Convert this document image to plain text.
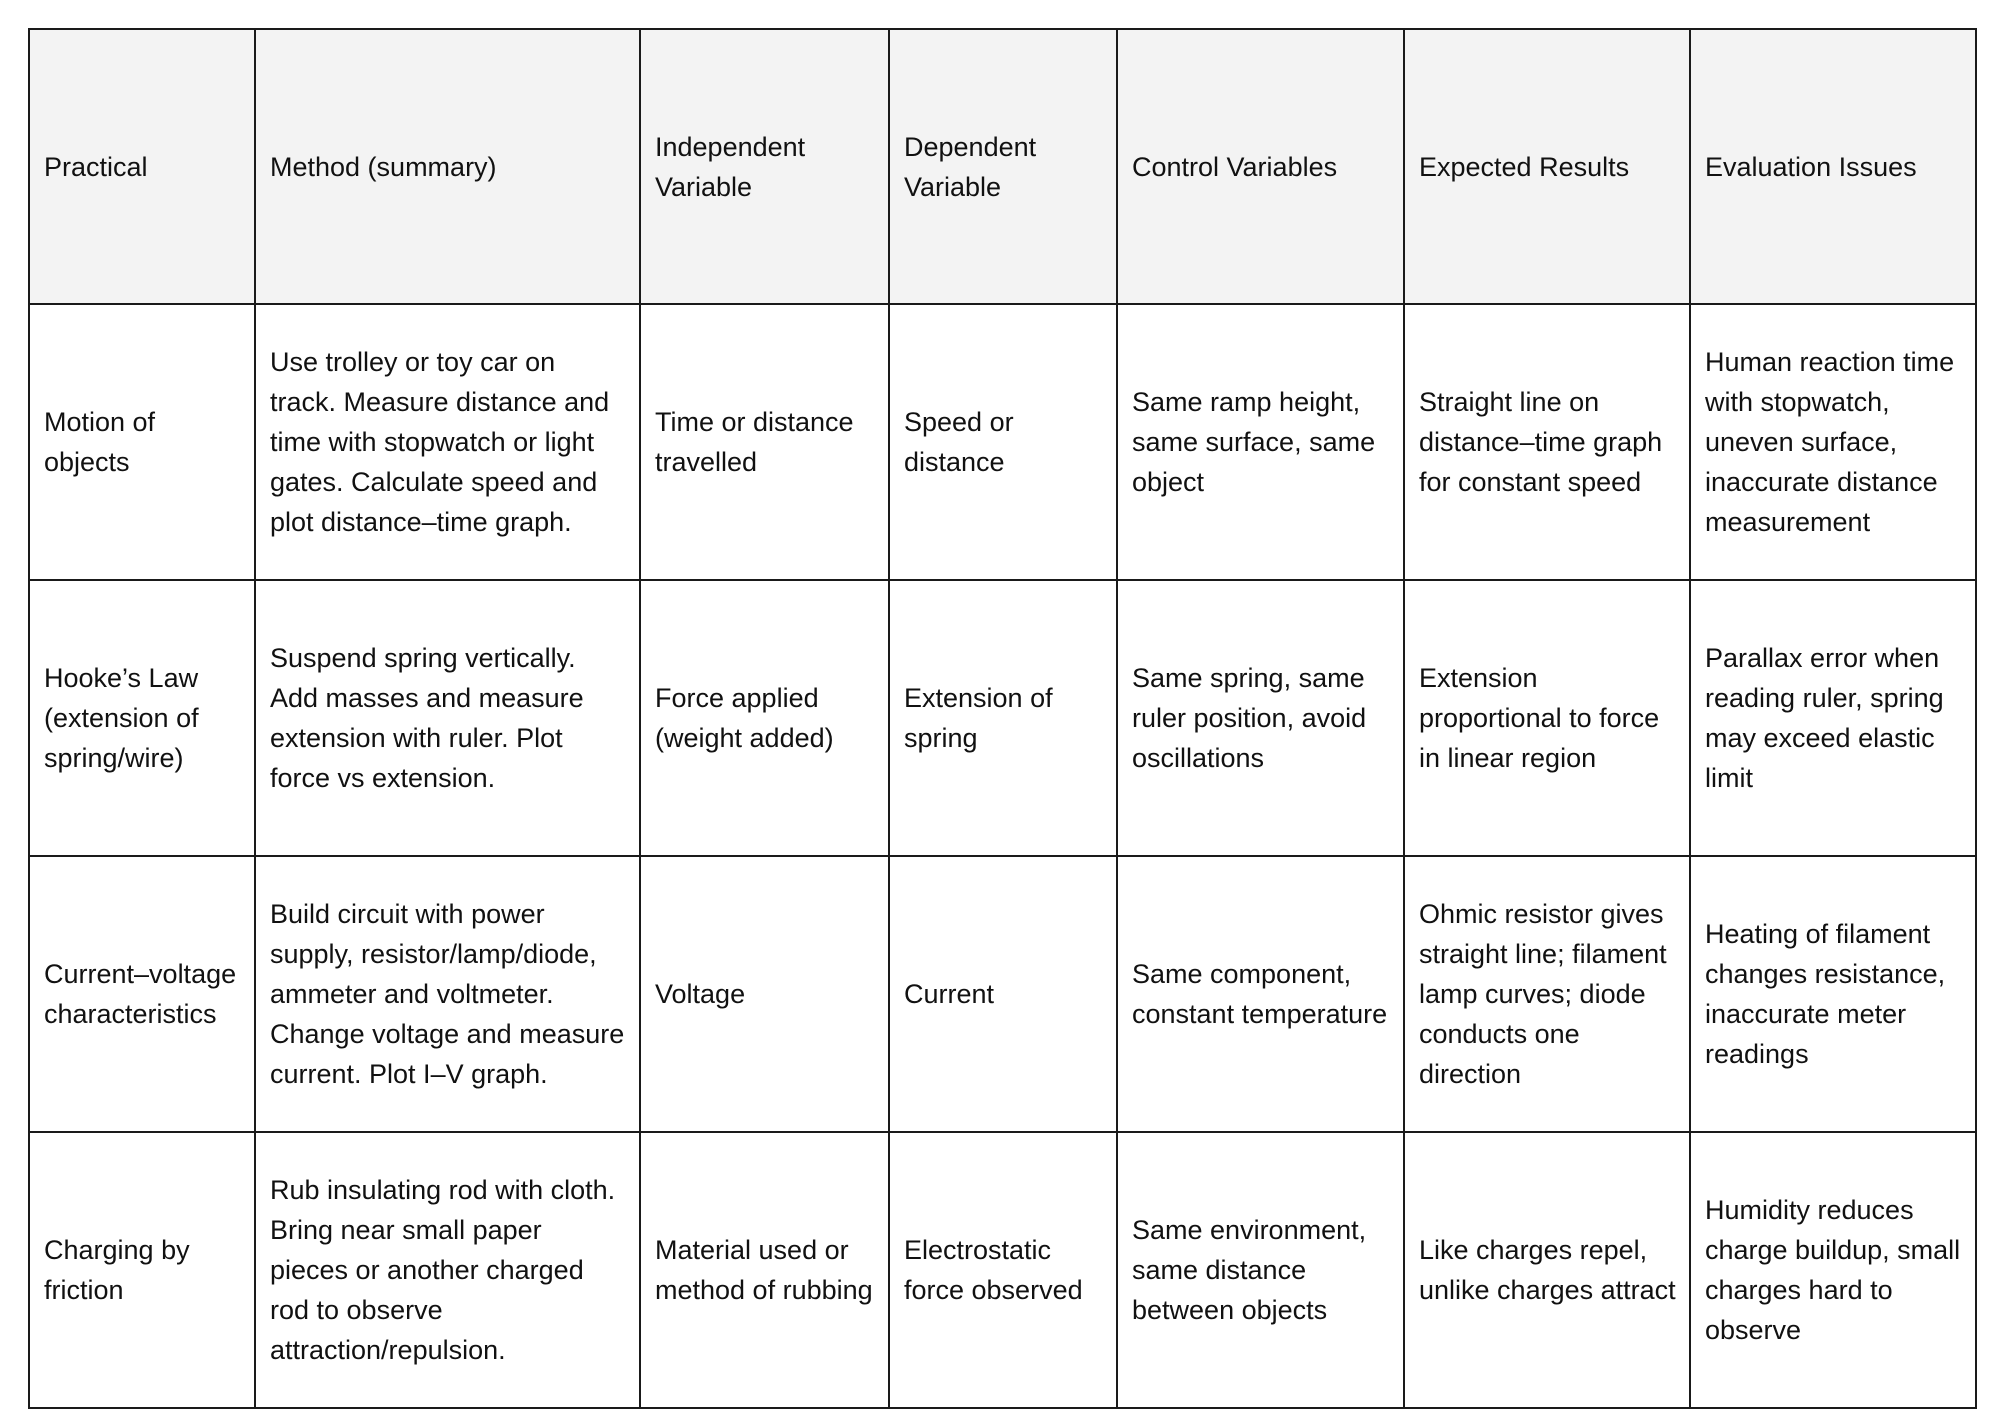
Practical	Method (summary)	Independent Variable	Dependent Variable	Control Variables	Expected Results	Evaluation Issues
Motion of objects	Use trolley or toy car on track. Measure distance and time with stopwatch or light gates. Calculate speed and plot distance–time graph.	Time or distance travelled	Speed or distance	Same ramp height, same surface, same object	Straight line on distance–time graph for constant speed	Human reaction time with stopwatch, uneven surface, inaccurate distance measurement
Hooke’s Law (extension of spring/wire)	Suspend spring vertically. Add masses and measure extension with ruler. Plot force vs extension.	Force applied (weight added)	Extension of spring	Same spring, same ruler position, avoid oscillations	Extension proportional to force in linear region	Parallax error when reading ruler, spring may exceed elastic limit
Current–voltage characteristics	Build circuit with power supply, resistor/lamp/diode, ammeter and voltmeter. Change voltage and measure current. Plot I–V graph.	Voltage	Current	Same component, constant temperature	Ohmic resistor gives straight line; filament lamp curves; diode conducts one direction	Heating of filament changes resistance, inaccurate meter readings
Charging by friction	Rub insulating rod with cloth. Bring near small paper pieces or another charged rod to observe attraction/repulsion.	Material used or method of rubbing	Electrostatic force observed	Same environment, same distance between objects	Like charges repel, unlike charges attract	Humidity reduces charge buildup, small charges hard to observe
